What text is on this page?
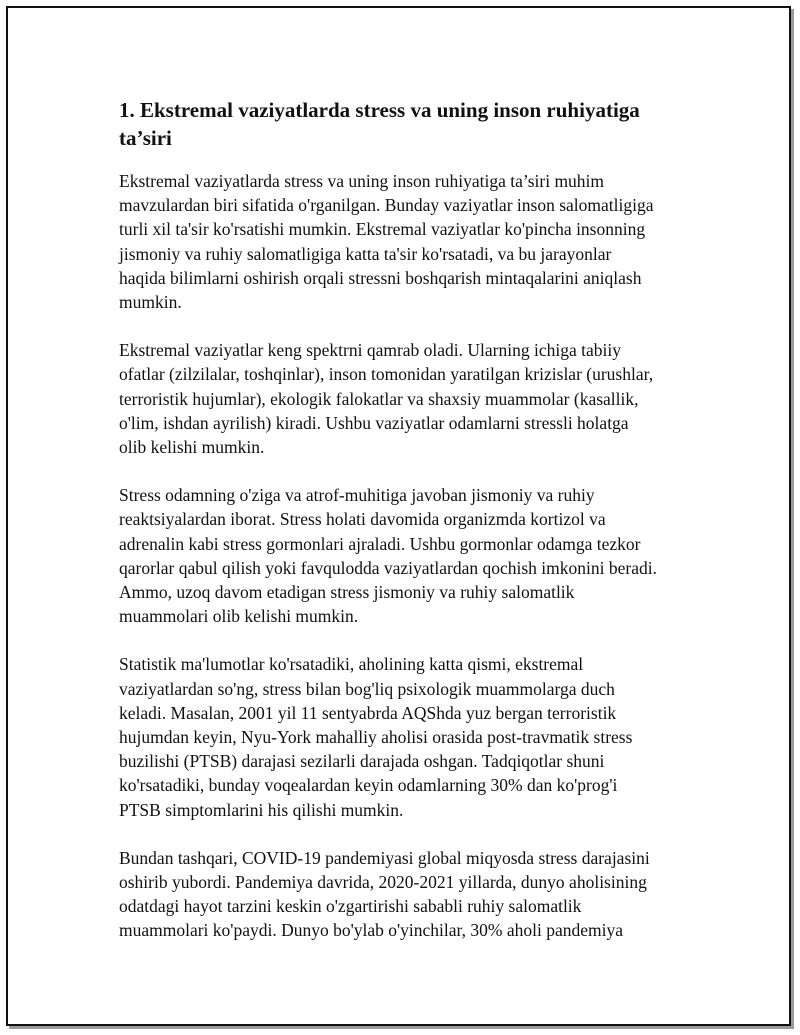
1. Ekstremal vaziyatlarda stress va uning inson ruhiyatiga
ta’siri

Ekstremal vaziyatlarda stress va uning inson ruhiyatiga ta’siri muhim
mavzulardan biri sifatida o'rganilgan. Bunday vaziyatlar inson salomatligiga
turli xil ta'sir ko'rsatishi mumkin. Ekstremal vaziyatlar ko'pincha insonning
jismoniy va ruhiy salomatligiga katta ta'sir ko'rsatadi, va bu jarayonlar
haqida bilimlarni oshirish orqali stressni boshqarish mintaqalarini aniqlash
mumkin.

Ekstremal vaziyatlar keng spektrni qamrab oladi. Ularning ichiga tabiiy
ofatlar (zilzilalar, toshqinlar), inson tomonidan yaratilgan krizislar (urushlar,
terroristik hujumlar), ekologik falokatlar va shaxsiy muammolar (kasallik,
o'lim, ishdan ayrilish) kiradi. Ushbu vaziyatlar odamlarni stressli holatga
olib kelishi mumkin.

Stress odamning o'ziga va atrof-muhitiga javoban jismoniy va ruhiy
reaktsiyalardan iborat. Stress holati davomida organizmda kortizol va
adrenalin kabi stress gormonlari ajraladi. Ushbu gormonlar odamga tezkor
qarorlar qabul qilish yoki favqulodda vaziyatlardan qochish imkonini beradi.
Ammo, uzoq davom etadigan stress jismoniy va ruhiy salomatlik
muammolari olib kelishi mumkin.

Statistik ma'lumotlar ko'rsatadiki, aholining katta qismi, ekstremal
vaziyatlardan so'ng, stress bilan bog'liq psixologik muammolarga duch
keladi. Masalan, 2001 yil 11 sentyabrda AQShda yuz bergan terroristik
hujumdan keyin, Nyu-York mahalliy aholisi orasida post-travmatik stress
buzilishi (PTSB) darajasi sezilarli darajada oshgan. Tadqiqotlar shuni
ko'rsatadiki, bunday voqealardan keyin odamlarning 30% dan ko'prog'i
PTSB simptomlarini his qilishi mumkin.

Bundan tashqari, COVID-19 pandemiyasi global miqyosda stress darajasini
oshirib yubordi. Pandemiya davrida, 2020-2021 yillarda, dunyo aholisining
odatdagi hayot tarzini keskin o'zgartirishi sababli ruhiy salomatlik
muammolari ko'paydi. Dunyo bo'ylab o'yinchilar, 30% aholi pandemiya
